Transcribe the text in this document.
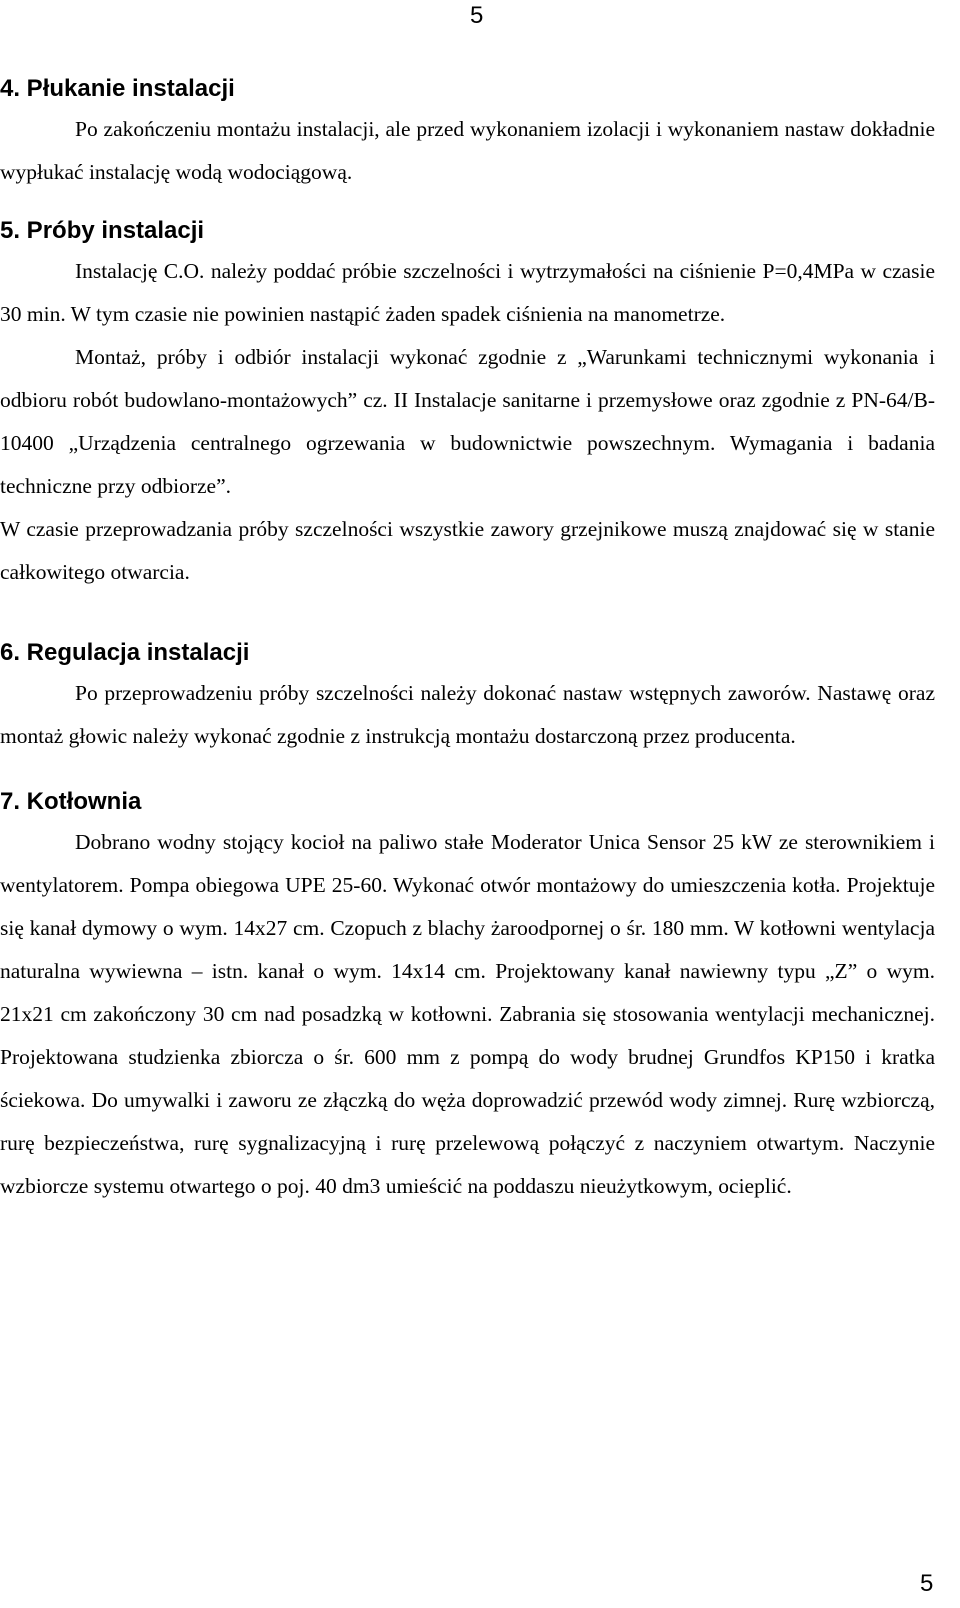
5
4. Płukanie instalacji

Po zakończeniu montażu instalacji, ale przed wykonaniem izolacji i wykonaniem nastaw dokładnie wypłukać instalację wodą wodociągową.

5. Próby instalacji

Instalację C.O. należy poddać próbie szczelności i wytrzymałości na ciśnienie P=0,4MPa w czasie 30 min. W tym czasie nie powinien nastąpić żaden spadek ciśnienia na manometrze.

Montaż, próby i odbiór instalacji wykonać zgodnie z „Warunkami technicznymi wykonania i odbioru robót budowlano-montażowych” cz. II Instalacje sanitarne i przemysłowe oraz zgodnie z PN-64/B-10400 „Urządzenia centralnego ogrzewania w budownictwie powszechnym. Wymagania i badania techniczne przy odbiorze”.

W czasie przeprowadzania próby szczelności wszystkie zawory grzejnikowe muszą znajdować się w stanie całkowitego otwarcia.

6. Regulacja instalacji

Po przeprowadzeniu próby szczelności należy dokonać nastaw wstępnych zaworów. Nastawę oraz montaż głowic należy wykonać zgodnie z instrukcją montażu dostarczoną przez producenta.

7. Kotłownia

Dobrano wodny stojący kocioł na paliwo stałe Moderator Unica Sensor 25 kW ze sterownikiem i wentylatorem. Pompa obiegowa UPE 25-60. Wykonać otwór montażowy do umieszczenia kotła. Projektuje się kanał dymowy o wym. 14x27 cm. Czopuch z blachy żaroodpornej o śr. 180 mm. W kotłowni wentylacja naturalna wywiewna – istn. kanał o wym. 14x14 cm. Projektowany kanał nawiewny typu „Z” o wym. 21x21 cm zakończony 30 cm nad posadzką w kotłowni. Zabrania się stosowania wentylacji mechanicznej. Projektowana studzienka zbiorcza o śr. 600 mm z pompą do wody brudnej Grundfos KP150 i kratka ściekowa. Do umywalki i zaworu ze złączką do węża doprowadzić przewód wody zimnej. Rurę wzbiorczą, rurę bezpieczeństwa, rurę sygnalizacyjną i rurę przelewową połączyć z naczyniem otwartym. Naczynie wzbiorcze systemu otwartego o poj. 40 dm3 umieścić na poddaszu nieużytkowym, ocieplić.

5
